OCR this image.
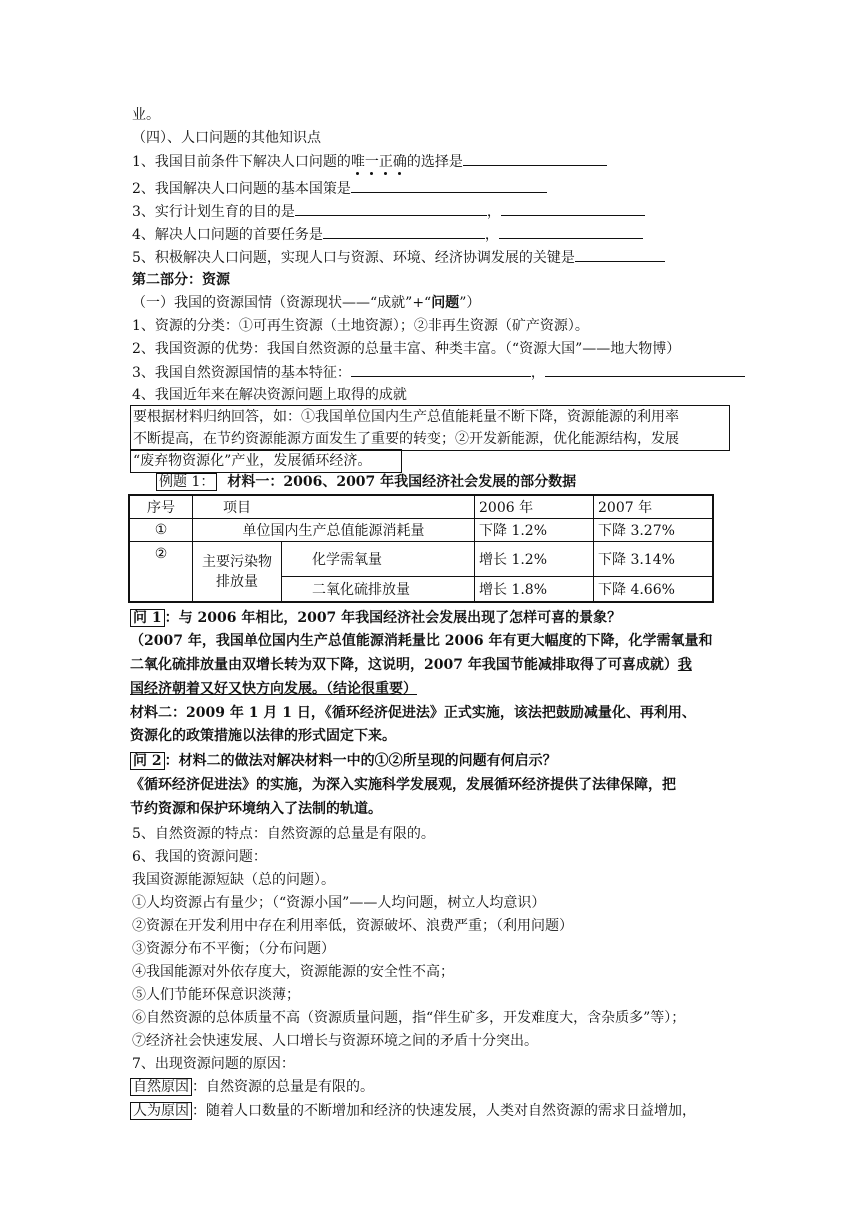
业。
（四）、人口问题的其他知识点
1、我国目前条件下解决人口问题的唯一正确的选择是
2、我国解决人口问题的基本国策是
3、实行计划生育的目的是	，
4、解决人口问题的首要任务是	，
5、积极解决人口问题，实现人口与资源、环境、经济协调发展的关键是
第二部分：资源
（一）我国的资源国情（资源现状——“成就”+“问题”）
1、资源的分类：①可再生资源（土地资源）；②非再生资源（矿产资源）。
2、我国资源的优势：我国自然资源的总量丰富、种类丰富。（“资源大国”——地大物博）
3、我国自然资源国情的基本特征：	，
4、我国近年来在解决资源问题上取得的成就
要根据材料归纳回答，如：①我国单位国内生产总值能耗量不断下降，资源能源的利用率
不断提高，在节约资源能源方面发生了重要的转变；②开发新能源，优化能源结构，发展
“废弃物资源化”产业，发展循环经济。
例题 1： 材料一：2006、2007 年我国经济社会发展的部分数据
序号	项目		2006 年	2007 年
①	单位国内生产总值能源消耗量		下降 1.2%	下降 3.27%
②	主要污染物排放量	化学需氧量	增长 1.2%	下降 3.14%
		二氧化硫排放量	增长 1.8%	下降 4.66%
问 1 ：与 2006 年相比，2007 年我国经济社会发展出现了怎样可喜的景象？
（2007 年，我国单位国内生产总值能源消耗量比 2006 年有更大幅度的下降，化学需氧量和
二氧化硫排放量由双增长转为双下降，这说明，2007 年我国节能减排取得了可喜成就）我
国经济朝着又好又快方向发展。（结论很重要）
材料二：2009 年 1 月 1 日，《循环经济促进法》正式实施，该法把鼓励减量化、再利用、
资源化的政策措施以法律的形式固定下来。
问 2 ：材料二的做法对解决材料一中的①②所呈现的问题有何启示？
《循环经济促进法》的实施，为深入实施科学发展观，发展循环经济提供了法律保障，把
节约资源和保护环境纳入了法制的轨道。
5、自然资源的特点：自然资源的总量是有限的。
6、我国的资源问题：
我国资源能源短缺（总的问题）。
①人均资源占有量少；（“资源小国”——人均问题，树立人均意识）
②资源在开发利用中存在利用率低，资源破坏、浪费严重；（利用问题）
③资源分布不平衡；（分布问题）
④我国能源对外依存度大，资源能源的安全性不高；
⑤人们节能环保意识淡薄；
⑥自然资源的总体质量不高（资源质量问题，指“伴生矿多，开发难度大，含杂质多”等）；
⑦经济社会快速发展、人口增长与资源环境之间的矛盾十分突出。
7、出现资源问题的原因：
自然原因 ：自然资源的总量是有限的。
人为原因 ：随着人口数量的不断增加和经济的快速发展，人类对自然资源的需求日益增加，
